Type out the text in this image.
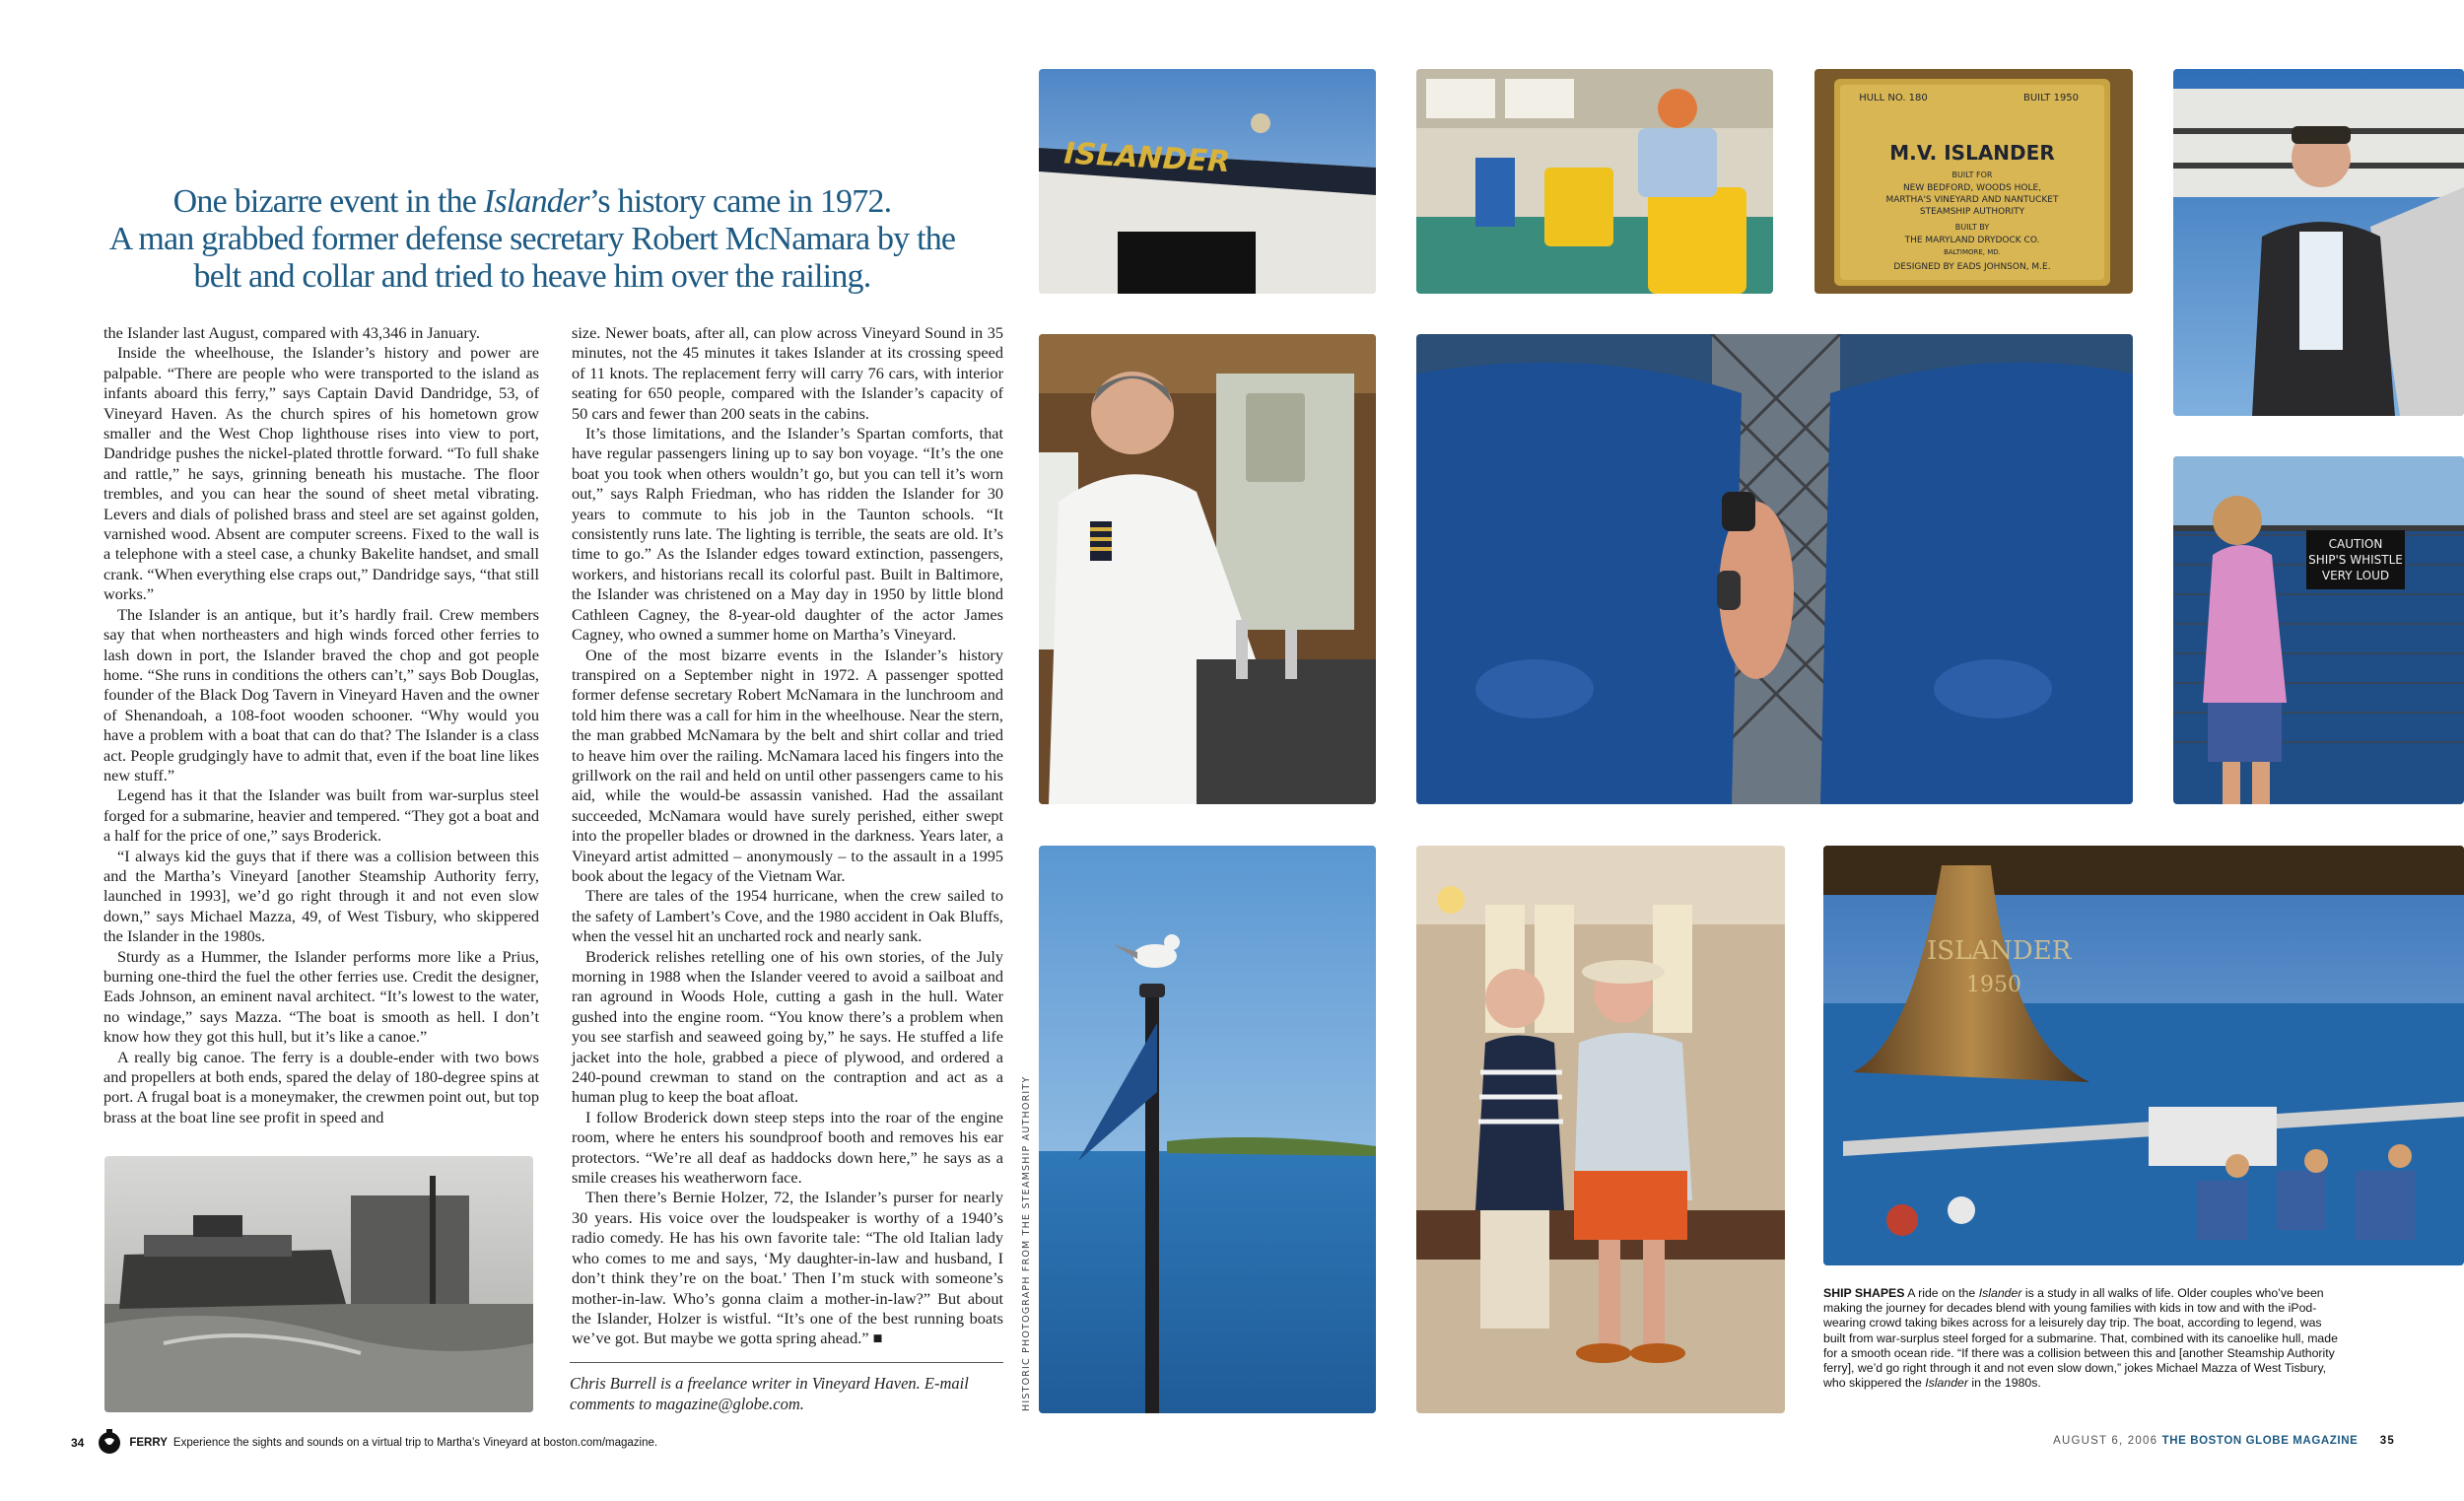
One bizarre event in the Islander’s history came in 1972.
A man grabbed former defense secretary Robert McNamara by the
belt and collar and tried to heave him over the railing.

the Islander last August, compared with 43,346 in January.

Inside the wheelhouse, the Islander’s history and power are palpable. “There are people who were transported to the island as infants aboard this ferry,” says Captain David Dandridge, 53, of Vineyard Haven. As the church spires of his hometown grow smaller and the West Chop lighthouse rises into view to port, Dandridge pushes the nickel-plated throttle forward. “To full shake and rattle,” he says, grinning beneath his mustache. The floor trembles, and you can hear the sound of sheet metal vibrating. Levers and dials of polished brass and steel are set against golden, varnished wood. Absent are computer screens. Fixed to the wall is a telephone with a steel case, a chunky Bakelite handset, and small crank. “When everything else craps out,” Dandridge says, “that still works.”

The Islander is an antique, but it’s hardly frail. Crew members say that when northeasters and high winds forced other ferries to lash down in port, the Islander braved the chop and got people home. “She runs in conditions the others can’t,” says Bob Douglas, founder of the Black Dog Tavern in Vineyard Haven and the owner of Shenandoah, a 108-foot wooden schooner. “Why would you have a problem with a boat that can do that? The Islander is a class act. People grudgingly have to admit that, even if the boat line likes new stuff.”

Legend has it that the Islander was built from war-surplus steel forged for a submarine, heavier and tempered. “They got a boat and a half for the price of one,” says Broderick.

“I always kid the guys that if there was a collision between this and the Martha’s Vineyard [another Steamship Authority ferry, launched in 1993], we’d go right through it and not even slow down,” says Michael Mazza, 49, of West Tisbury, who skippered the Islander in the 1980s.

Sturdy as a Hummer, the Islander performs more like a Prius, burning one-third the fuel the other ferries use. Credit the designer, Eads Johnson, an eminent naval architect. “It’s lowest to the water, no windage,” says Mazza. “The boat is smooth as hell. I don’t know how they got this hull, but it’s like a canoe.”

A really big canoe. The ferry is a double-ender with two bows and propellers at both ends, spared the delay of 180-degree spins at port. A frugal boat is a moneymaker, the crewmen point out, but top brass at the boat line see profit in speed and

size. Newer boats, after all, can plow across Vineyard Sound in 35 minutes, not the 45 minutes it takes Islander at its crossing speed of 11 knots. The replacement ferry will carry 76 cars, with interior seating for 650 people, compared with the Islander’s capacity of 50 cars and fewer than 200 seats in the cabins.

It’s those limitations, and the Islander’s Spartan comforts, that have regular passengers lining up to say bon voyage. “It’s the one boat you took when others wouldn’t go, but you can tell it’s worn out,” says Ralph Friedman, who has ridden the Islander for 30 years to commute to his job in the Taunton schools. “It consistently runs late. The lighting is terrible, the seats are old. It’s time to go.” As the Islander edges toward extinction, passengers, workers, and historians recall its colorful past. Built in Baltimore, the Islander was christened on a May day in 1950 by little blond Cathleen Cagney, the 8-year-old daughter of the actor James Cagney, who owned a summer home on Martha’s Vineyard.

One of the most bizarre events in the Islander’s history transpired on a September night in 1972. A passenger spotted former defense secretary Robert McNamara in the lunchroom and told him there was a call for him in the wheelhouse. Near the stern, the man grabbed McNamara by the belt and shirt collar and tried to heave him over the railing. McNamara laced his fingers into the grillwork on the rail and held on until other passengers came to his aid, while the would-be assassin vanished. Had the assailant succeeded, McNamara would have surely perished, either swept into the propeller blades or drowned in the darkness. Years later, a Vineyard artist admitted – anonymously – to the assault in a 1995 book about the legacy of the Vietnam War.

There are tales of the 1954 hurricane, when the crew sailed to the safety of Lambert’s Cove, and the 1980 accident in Oak Bluffs, when the vessel hit an uncharted rock and nearly sank.

Broderick relishes retelling one of his own stories, of the July morning in 1988 when the Islander veered to avoid a sailboat and ran aground in Woods Hole, cutting a gash in the hull. Water gushed into the engine room. “You know there’s a problem when you see starfish and seaweed going by,” he says. He stuffed a life jacket into the hole, grabbed a piece of plywood, and ordered a 240-pound crewman to stand on the contraption and act as a human plug to keep the boat afloat.

I follow Broderick down steep steps into the roar of the engine room, where he enters his soundproof booth and removes his ear protectors. “We’re all deaf as haddocks down here,” he says as a smile creases his weatherworn face.

Then there’s Bernie Holzer, 72, the Islander’s purser for nearly 30 years. His voice over the loudspeaker is worthy of a 1940’s radio comedy. He has his own favorite tale: “The old Italian lady who comes to me and says, ‘My daughter-in-law and husband, I don’t think they’re on the boat.’ Then I’m stuck with someone’s mother-in-law. Who’s gonna claim a mother-in-law?” But about the Islander, Holzer is wistful. “It’s one of the best running boats we’ve got. But maybe we gotta spring ahead.” ■

Chris Burrell is a freelance writer in Vineyard Haven. E-mail comments to magazine@globe.com.
ISLANDER
HULL NO. 180	BUILT 1950
M.V. ISLANDER
BUILT FOR
NEW BEDFORD, WOODS HOLE,
MARTHA'S VINEYARD AND NANTUCKET
STEAMSHIP AUTHORITY
BUILT BY
THE MARYLAND DRYDOCK CO.
BALTIMORE, MD.
DESIGNED BY EADS JOHNSON, M.E.
CAUTION
SHIP'S WHISTLE
VERY LOUD
ISLANDER
1950
HISTORIC PHOTOGRAPH FROM THE STEAMSHIP AUTHORITY	SHIP SHAPES A ride on the Islander is a study in all walks of life. Older couples who’ve been making the journey for decades blend with young families with kids in tow and with the iPod-wearing crowd taking bikes across for a leisurely day trip. The boat, according to legend, was built from war-surplus steel forged for a submarine. That, combined with its canoelike hull, made for a smooth ocean ride. “If there was a collision between this and [another Steamship Authority ferry], we’d go right through it and not even slow down,” jokes Michael Mazza of West Tisbury, who skippered the Islander in the 1980s.
34	FERRY Experience the sights and sounds on a virtual trip to Martha’s Vineyard at boston.com/magazine.	AUGUST 6, 2006 THE BOSTON GLOBE MAGAZINE 35
